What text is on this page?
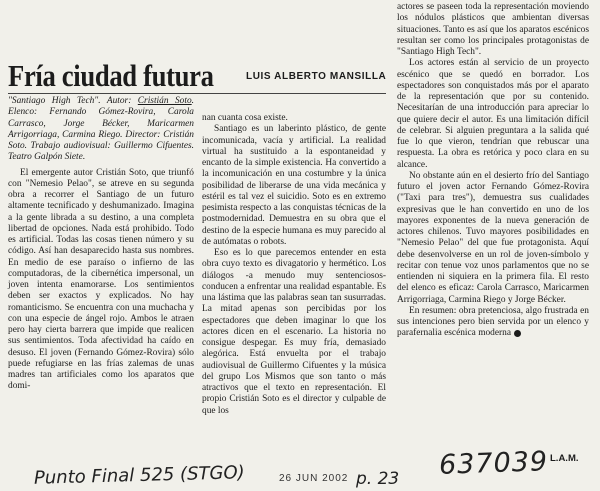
Fría ciudad futura	LUIS ALBERTO MANSILLA

"Santiago High Tech". Autor: Cristián Soto. Elenco: Fernando Gómez-Rovira, Carola Carrasco, Jorge Bécker, Maricarmen Arrigorriaga, Carmina Riego. Director: Cristián Soto. Trabajo audiovisual: Guillermo Cifuentes. Teatro Galpón Siete.

El emergente autor Cristián Soto, que triunfó con "Nemesio Pelao", se atreve en su segunda obra a recorrer el Santiago de un futuro altamente tecnificado y deshumanizado. Imagina a la gente librada a su destino, a una completa libertad de opciones. Nada está prohibido. Todo es artificial. Todas las cosas tienen número y su código. Así han desaparecido hasta sus nombres. En medio de ese paraíso o infierno de las computadoras, de la cibernética impersonal, un joven intenta enamorarse. Los sentimientos deben ser exactos y explicados. No hay romanticismo. Se encuentra con una muchacha y con una especie de ángel rojo. Ambos le atraen pero hay cierta barrera que impide que realicen sus sentimientos. Toda afectividad ha caído en desuso. El joven (Fernando Gómez-Rovira) sólo puede refugiarse en las frías zalemas de unas madres tan artificiales como los aparatos que domi-

nan cuanta cosa existe.

Santiago es un laberinto plástico, de gente incomunicada, vacía y artificial. La realidad virtual ha sustituido a la espontaneidad y encanto de la simple existencia. Ha convertido a la incomunicación en una costumbre y la única posibilidad de liberarse de una vida mecánica y estéril es tal vez el suicidio. Soto es en extremo pesimista respecto a las conquistas técnicas de la postmodernidad. Demuestra en su obra que el destino de la especie humana es muy parecido al de autómatas o robots.

Eso es lo que parecemos entender en esta obra cuyo texto es divagatorio y hermético. Los diálogos -a menudo muy sentenciosos- conducen a enfrentar una realidad espantable. Es una lástima que las palabras sean tan susurradas. La mitad apenas son percibidas por los espectadores que deben imaginar lo que los actores dicen en el escenario. La historia no consigue despegar. Es muy fría, demasiado alegórica. Está envuelta por el trabajo audiovisual de Guillermo Cifuentes y la música del grupo Los Mismos que son tanto o más atractivos que el texto en representación. El propio Cristián Soto es el director y culpable de que los

actores se paseen toda la representación moviendo los nódulos plásticos que ambientan diversas situaciones. Tanto es así que los aparatos escénicos resultan ser como los principales protagonistas de "Santiago High Tech".

Los actores están al servicio de un proyecto escénico que se quedó en borrador. Los espectadores son conquistados más por el aparato de la representación que por su contenido. Necesitarían de una introducción para apreciar lo que quiere decir el autor. Es una limitación difícil de celebrar. Si alguien preguntara a la salida qué fue lo que vieron, tendrían que rebuscar una respuesta. La obra es retórica y poco clara en su alcance.

No obstante aún en el desierto frío del Santiago futuro el joven actor Fernando Gómez-Rovira ("Taxi para tres"), demuestra sus cualidades expresivas que le han convertido en uno de los mayores exponentes de la nueva generación de actores chilenos. Tuvo mayores posibilidades en "Nemesio Pelao" del que fue protagonista. Aquí debe desenvolverse en un rol de joven-símbolo y recitar con tenue voz unos parlamentos que no se entienden ni siquiera en la primera fila. El resto del elenco es eficaz: Carola Carrasco, Maricarmen Arrigorriaga, Carmina Riego y Jorge Bécker.

En resumen: obra pretenciosa, algo frustrada en sus intenciones pero bien servida por un elenco y parafernalia escénica moderna

L.A.M.
637039
Punto Final 525 (STGO)	26 JUN 2002 p. 23
